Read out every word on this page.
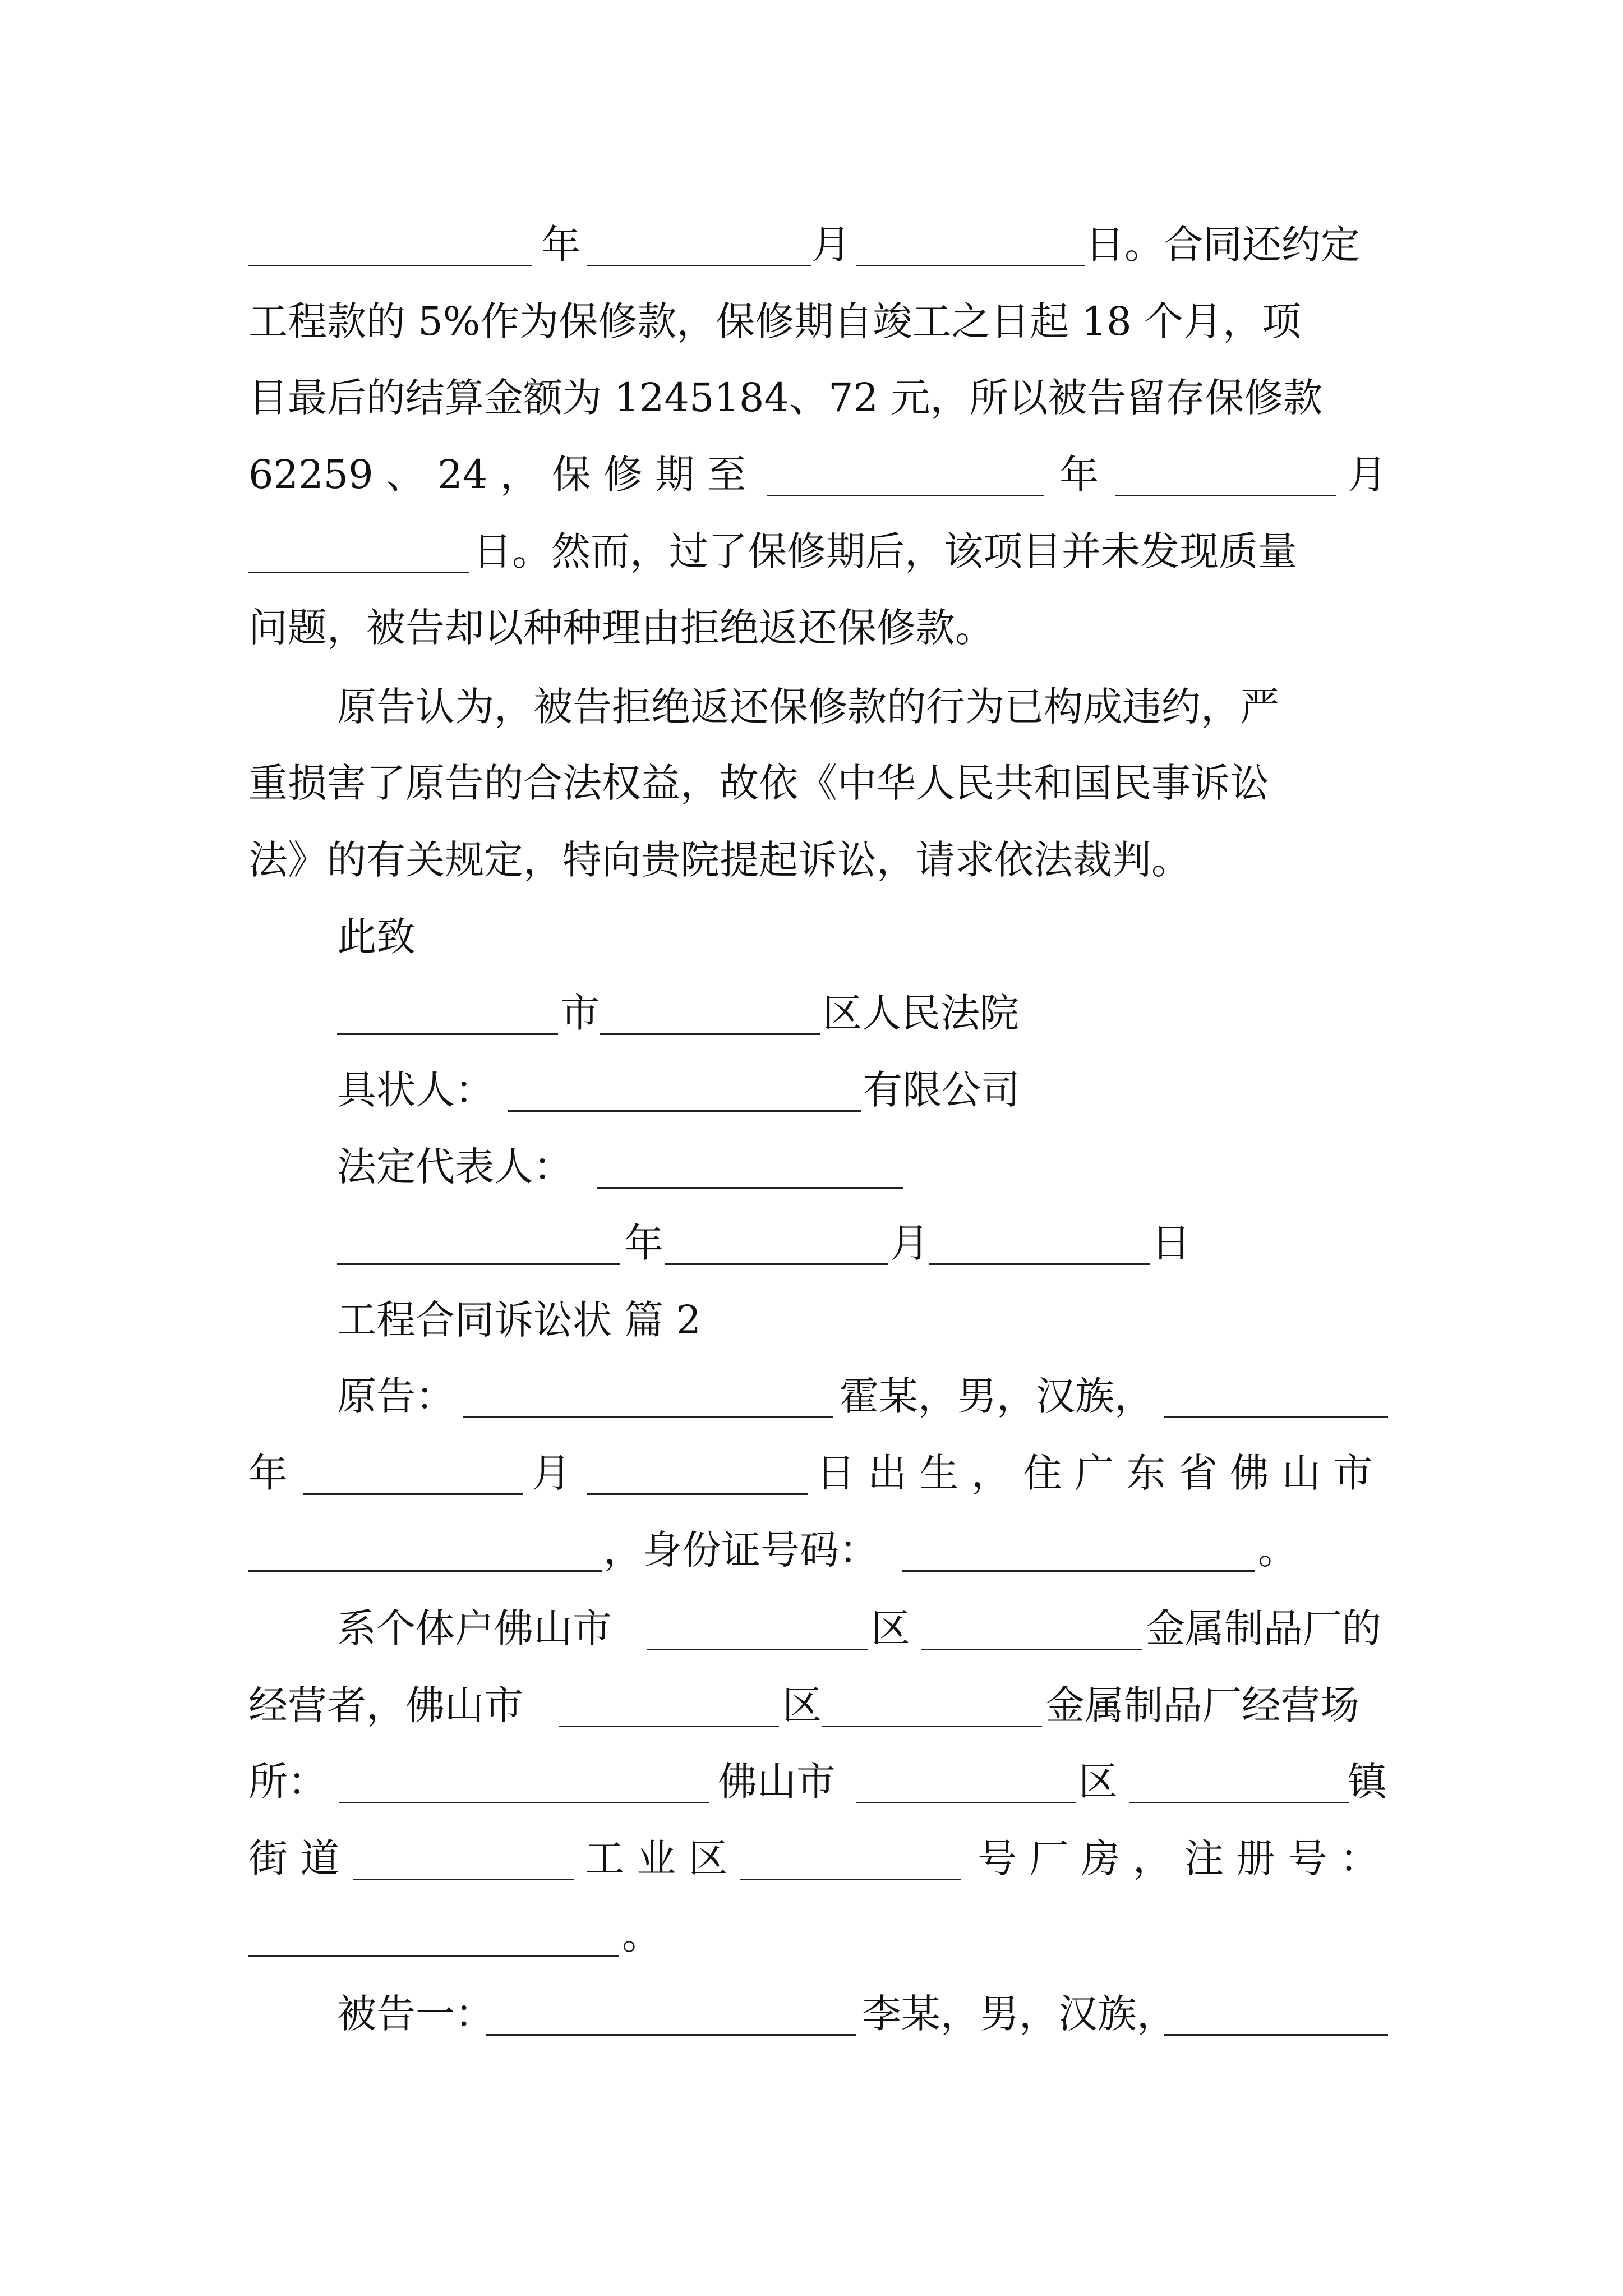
年	月	日。合同还约定
工程款的 5%作为保修款，保修期自竣工之日起 18 个月，项
目最后的结算金额为 1245184、72 元，所以被告留存保修款
62259 、 24 ， 保 修 期 至	年	月
日。然而，过了保修期后，该项目并未发现质量
问题，被告却以种种理由拒绝返还保修款。
原告认为，被告拒绝返还保修款的行为已构成违约，严
重损害了原告的合法权益，故依《中华人民共和国民事诉讼
法》的有关规定，特向贵院提起诉讼，请求依法裁判。
此致
市	区人民法院
具状人：	有限公司
法定代表人：
年	月	日
工程合同诉讼状 篇 2
原告：	霍某，男，汉族，
年	月	日 出 生 ， 住 广 东 省 佛 山 市
，身份证号码：	。
系个体户佛山市	区	金属制品厂的
经营者，佛山市	区	金属制品厂经营场
所：	佛山市	区	镇
街 道	工 业 区	号 厂 房 ， 注 册 号 ：
。
被告一：	李某，男，汉族，
